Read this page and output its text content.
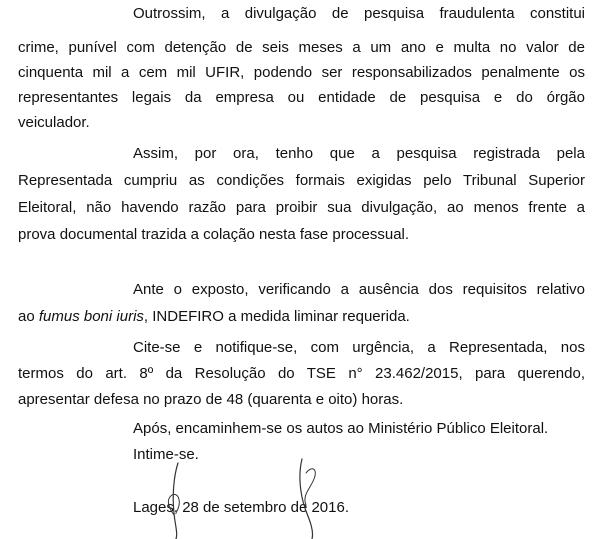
Outrossim, a divulgação de pesquisa fraudulenta constitui

crime, punível com detenção de seis meses a um ano e multa no valor de

cinquenta mil a cem mil UFIR, podendo ser responsabilizados penalmente os

representantes legais da empresa ou entidade de pesquisa e do órgão

veiculador.

Assim, por ora, tenho que a pesquisa registrada pela

Representada cumpriu as condições formais exigidas pelo Tribunal Superior

Eleitoral, não havendo razão para proibir sua divulgação, ao menos frente a

prova documental trazida a colação nesta fase processual.

Ante o exposto, verificando a ausência dos requisitos relativo

ao fumus boni iuris, INDEFIRO a medida liminar requerida.

Cite-se e notifique-se, com urgência, a Representada, nos

termos do art. 8º da Resolução do TSE n° 23.462/2015, para querendo,

apresentar defesa no prazo de 48 (quarenta e oito) horas.

Após, encaminhem-se os autos ao Ministério Público Eleitoral.

Intime-se.

Lages, 28 de setembro de 2016.
